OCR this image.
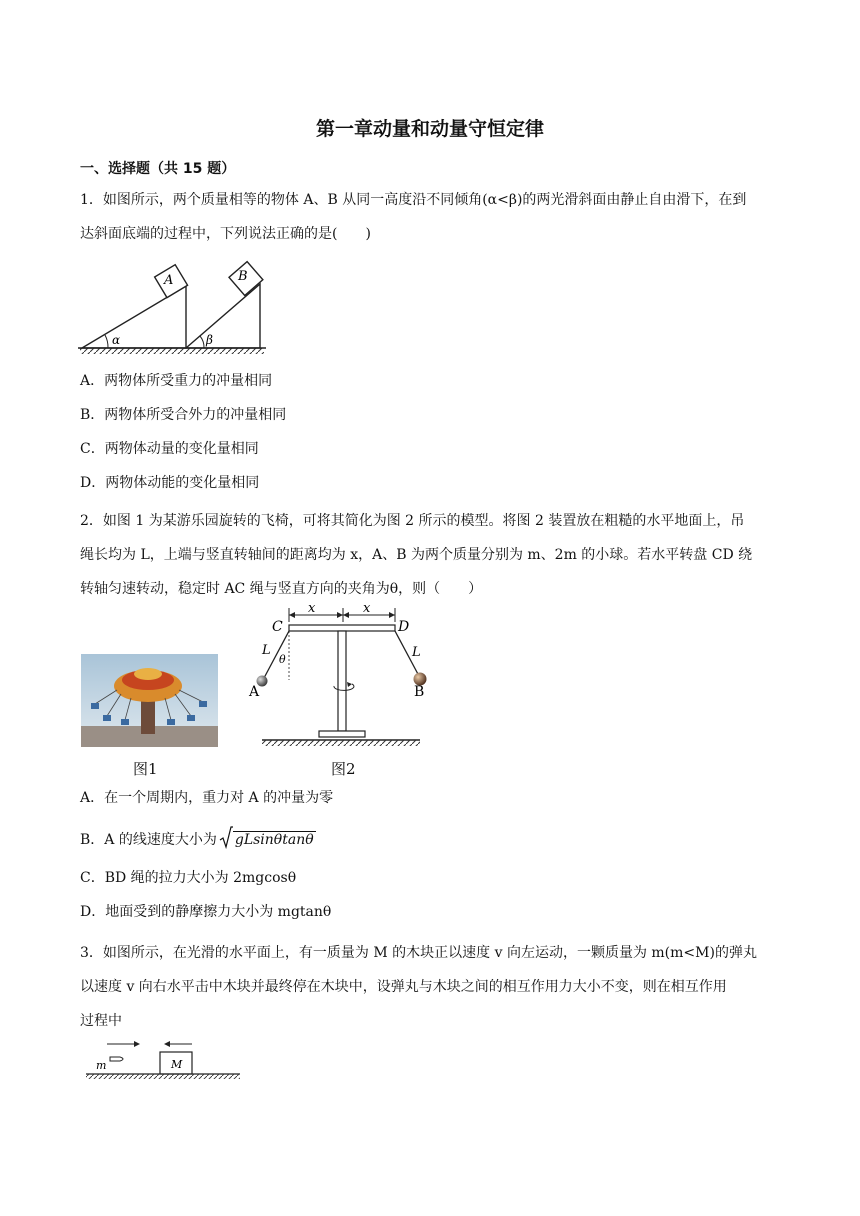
第一章动量和动量守恒定律
一、选择题（共 15 题）

1．如图所示，两个质量相等的物体 A、B 从同一高度沿不同倾角(α<β)的两光滑斜面由静止自由滑下，在到

达斜面底端的过程中，下列说法正确的是(　　)

A
α
B
β

A．两物体所受重力的冲量相同

B．两物体所受合外力的冲量相同

C．两物体动量的变化量相同

D．两物体动能的变化量相同

2．如图 1 为某游乐园旋转的飞椅，可将其简化为图 2 所示的模型。将图 2 装置放在粗糙的水平地面上，吊

绳长均为 L，上端与竖直转轴间的距离均为 x，A、B 为两个质量分别为 m、2m 的小球。若水平转盘 CD 绕

转轴匀速转动，稳定时 AC 绳与竖直方向的夹角为θ，则（　　）

图1
x	x
C	D
L	L
θ
A	B
图2

A．在一个周期内，重力对 A 的冲量为零

B．A 的线速度大小为 gLsinθtanθ

C．BD 绳的拉力大小为 2mgcosθ

D．地面受到的静摩擦力大小为 mgtanθ

3．如图所示，在光滑的水平面上，有一质量为 M 的木块正以速度 v 向左运动，一颗质量为 m(m<M)的弹丸

以速度 v 向右水平击中木块并最终停在木块中，设弹丸与木块之间的相互作用力大小不变，则在相互作用

过程中

m	M
